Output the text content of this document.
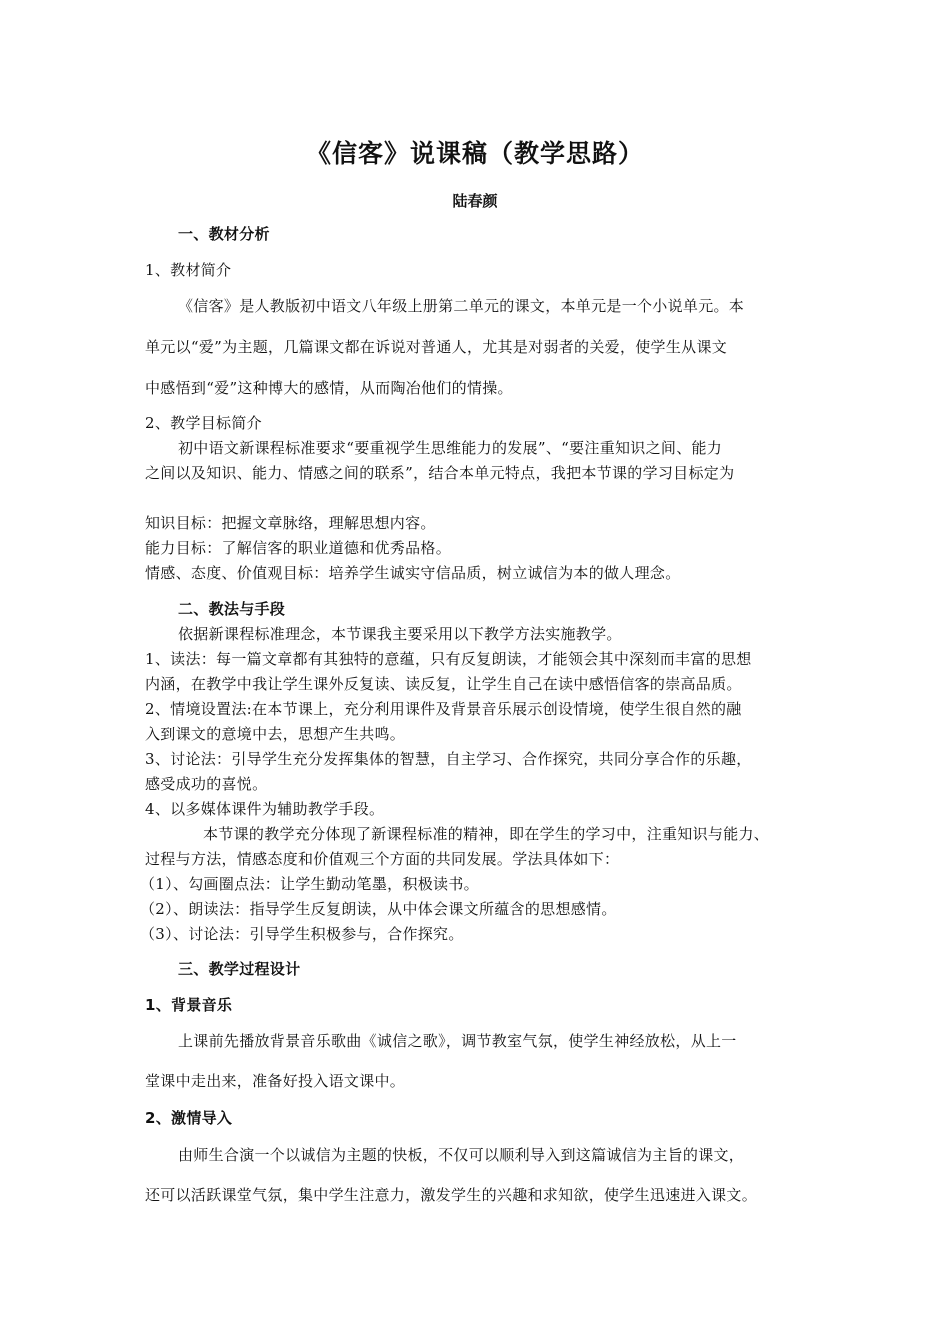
《信客》说课稿（教学思路）
陆春颜
一、教材分析
1、教材简介
《信客》是人教版初中语文八年级上册第二单元的课文，本单元是一个小说单元。本
单元以“爱”为主题，几篇课文都在诉说对普通人，尤其是对弱者的关爱，使学生从课文
中感悟到“爱”这种博大的感情，从而陶冶他们的情操。
2、教学目标简介
初中语文新课程标准要求“要重视学生思维能力的发展”、“要注重知识之间、能力
之间以及知识、能力、情感之间的联系”，结合本单元特点，我把本节课的学习目标定为
知识目标：把握文章脉络，理解思想内容。
能力目标：了解信客的职业道德和优秀品格。
情感、态度、价值观目标：培养学生诚实守信品质，树立诚信为本的做人理念。
二、教法与手段
依据新课程标准理念，本节课我主要采用以下教学方法实施教学。
1、读法：每一篇文章都有其独特的意蕴，只有反复朗读，才能领会其中深刻而丰富的思想
内涵，在教学中我让学生课外反复读、读反复，让学生自己在读中感悟信客的崇高品质。
2、情境设置法:在本节课上，充分利用课件及背景音乐展示创设情境，使学生很自然的融
入到课文的意境中去，思想产生共鸣。
3、讨论法：引导学生充分发挥集体的智慧，自主学习、合作探究，共同分享合作的乐趣，
感受成功的喜悦。
4、以多媒体课件为辅助教学手段。
本节课的教学充分体现了新课程标准的精神，即在学生的学习中，注重知识与能力、
过程与方法，情感态度和价值观三个方面的共同发展。学法具体如下：
（1）、勾画圈点法：让学生勤动笔墨，积极读书。
（2）、朗读法：指导学生反复朗读，从中体会课文所蕴含的思想感情。
（3）、讨论法：引导学生积极参与，合作探究。
三、教学过程设计
1、背景音乐
上课前先播放背景音乐歌曲《诚信之歌》，调节教室气氛，使学生神经放松，从上一
堂课中走出来，准备好投入语文课中。
2、激情导入
由师生合演一个以诚信为主题的快板，不仅可以顺利导入到这篇诚信为主旨的课文，
还可以活跃课堂气氛，集中学生注意力，激发学生的兴趣和求知欲，使学生迅速进入课文。
